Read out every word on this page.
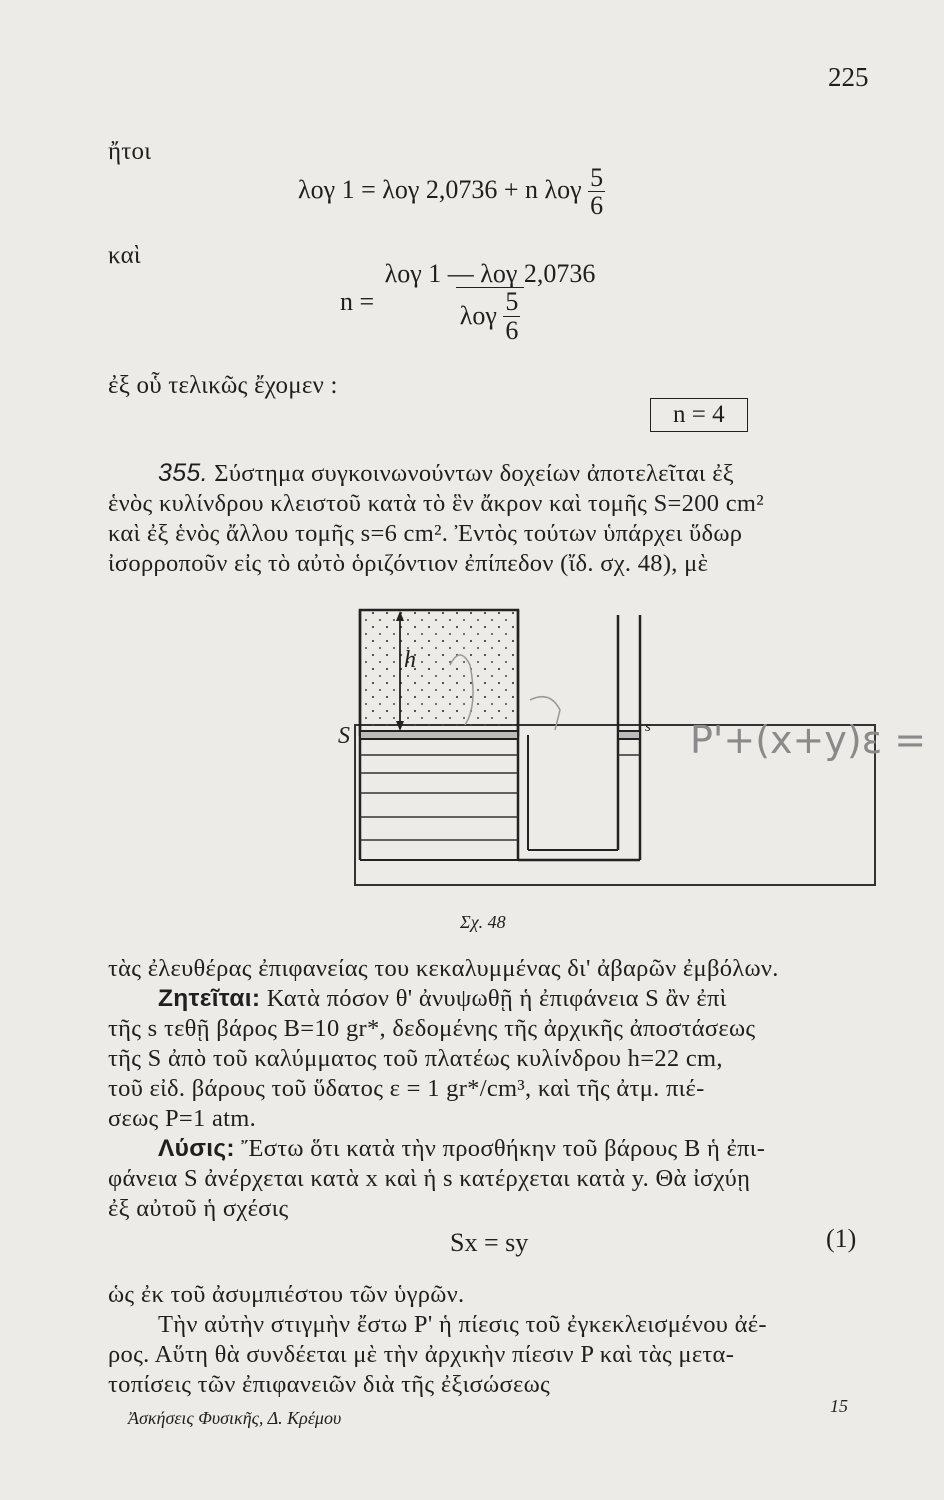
225
ἤτοι
λογ 1 = λογ 2,0736 + n λογ $\frac{5}{6}$
καὶ
$n = \frac{\text{λογ 1 — λογ 2,0736}}{\lambda o\gamma \frac{5}{6}}$
ἐξ οὗ τελικῶς ἔχομεν :
n = 4
355. Σύστημα συγκοινωνούντων δοχείων ἀποτελεῖται ἐξ
ἑνὸς κυλίνδρου κλειστοῦ κατὰ τὸ ἓν ἄκρον καὶ τομῆς S=200 cm²
καὶ ἐξ ἑνὸς ἄλλου τομῆς s=6 cm². Ἐντὸς τούτων ὑπάρχει ὕδωρ
ἰσορροποῦν εἰς τὸ αὐτὸ ὁριζόντιον ἐπίπεδον (ἴδ. σχ. 48), μὲ
S
h
s P'+(x+y)ε =
Σχ. 48
τὰς ἐλευθέρας ἐπιφανείας του κεκαλυμμένας δι' ἀβαρῶν ἐμβόλων.
Ζητεῖται: Κατὰ πόσον θ' ἀνυψωθῇ ἡ ἐπιφάνεια S ἂν ἐπὶ
τῆς s τεθῇ βάρος B=10 gr*, δεδομένης τῆς ἀρχικῆς ἀποστάσεως
τῆς S ἀπὸ τοῦ καλύμματος τοῦ πλατέως κυλίνδρου h=22 cm,
τοῦ εἰδ. βάρους τοῦ ὕδατος ε = 1 gr*/cm³, καὶ τῆς ἀτμ. πιέ-
σεως P=1 atm.
Λύσις: Ἔστω ὅτι κατὰ τὴν προσθήκην τοῦ βάρους B ἡ ἐπι-
φάνεια S ἀνέρχεται κατὰ x καὶ ἡ s κατέρχεται κατὰ y. Θὰ ἰσχύῃ
ἐξ αὐτοῦ ἡ σχέσις
Sx = sy	(1)
ὡς ἐκ τοῦ ἀσυμπιέστου τῶν ὑγρῶν.
Τὴν αὐτὴν στιγμὴν ἔστω P' ἡ πίεσις τοῦ ἐγκεκλεισμένου ἀέ-
ρος. Αὕτη θὰ συνδέεται μὲ τὴν ἀρχικὴν πίεσιν P καὶ τὰς μετα-
τοπίσεις τῶν ἐπιφανειῶν διὰ τῆς ἐξισώσεως
Ἀσκήσεις Φυσικῆς, Δ. Κρέμου
15
